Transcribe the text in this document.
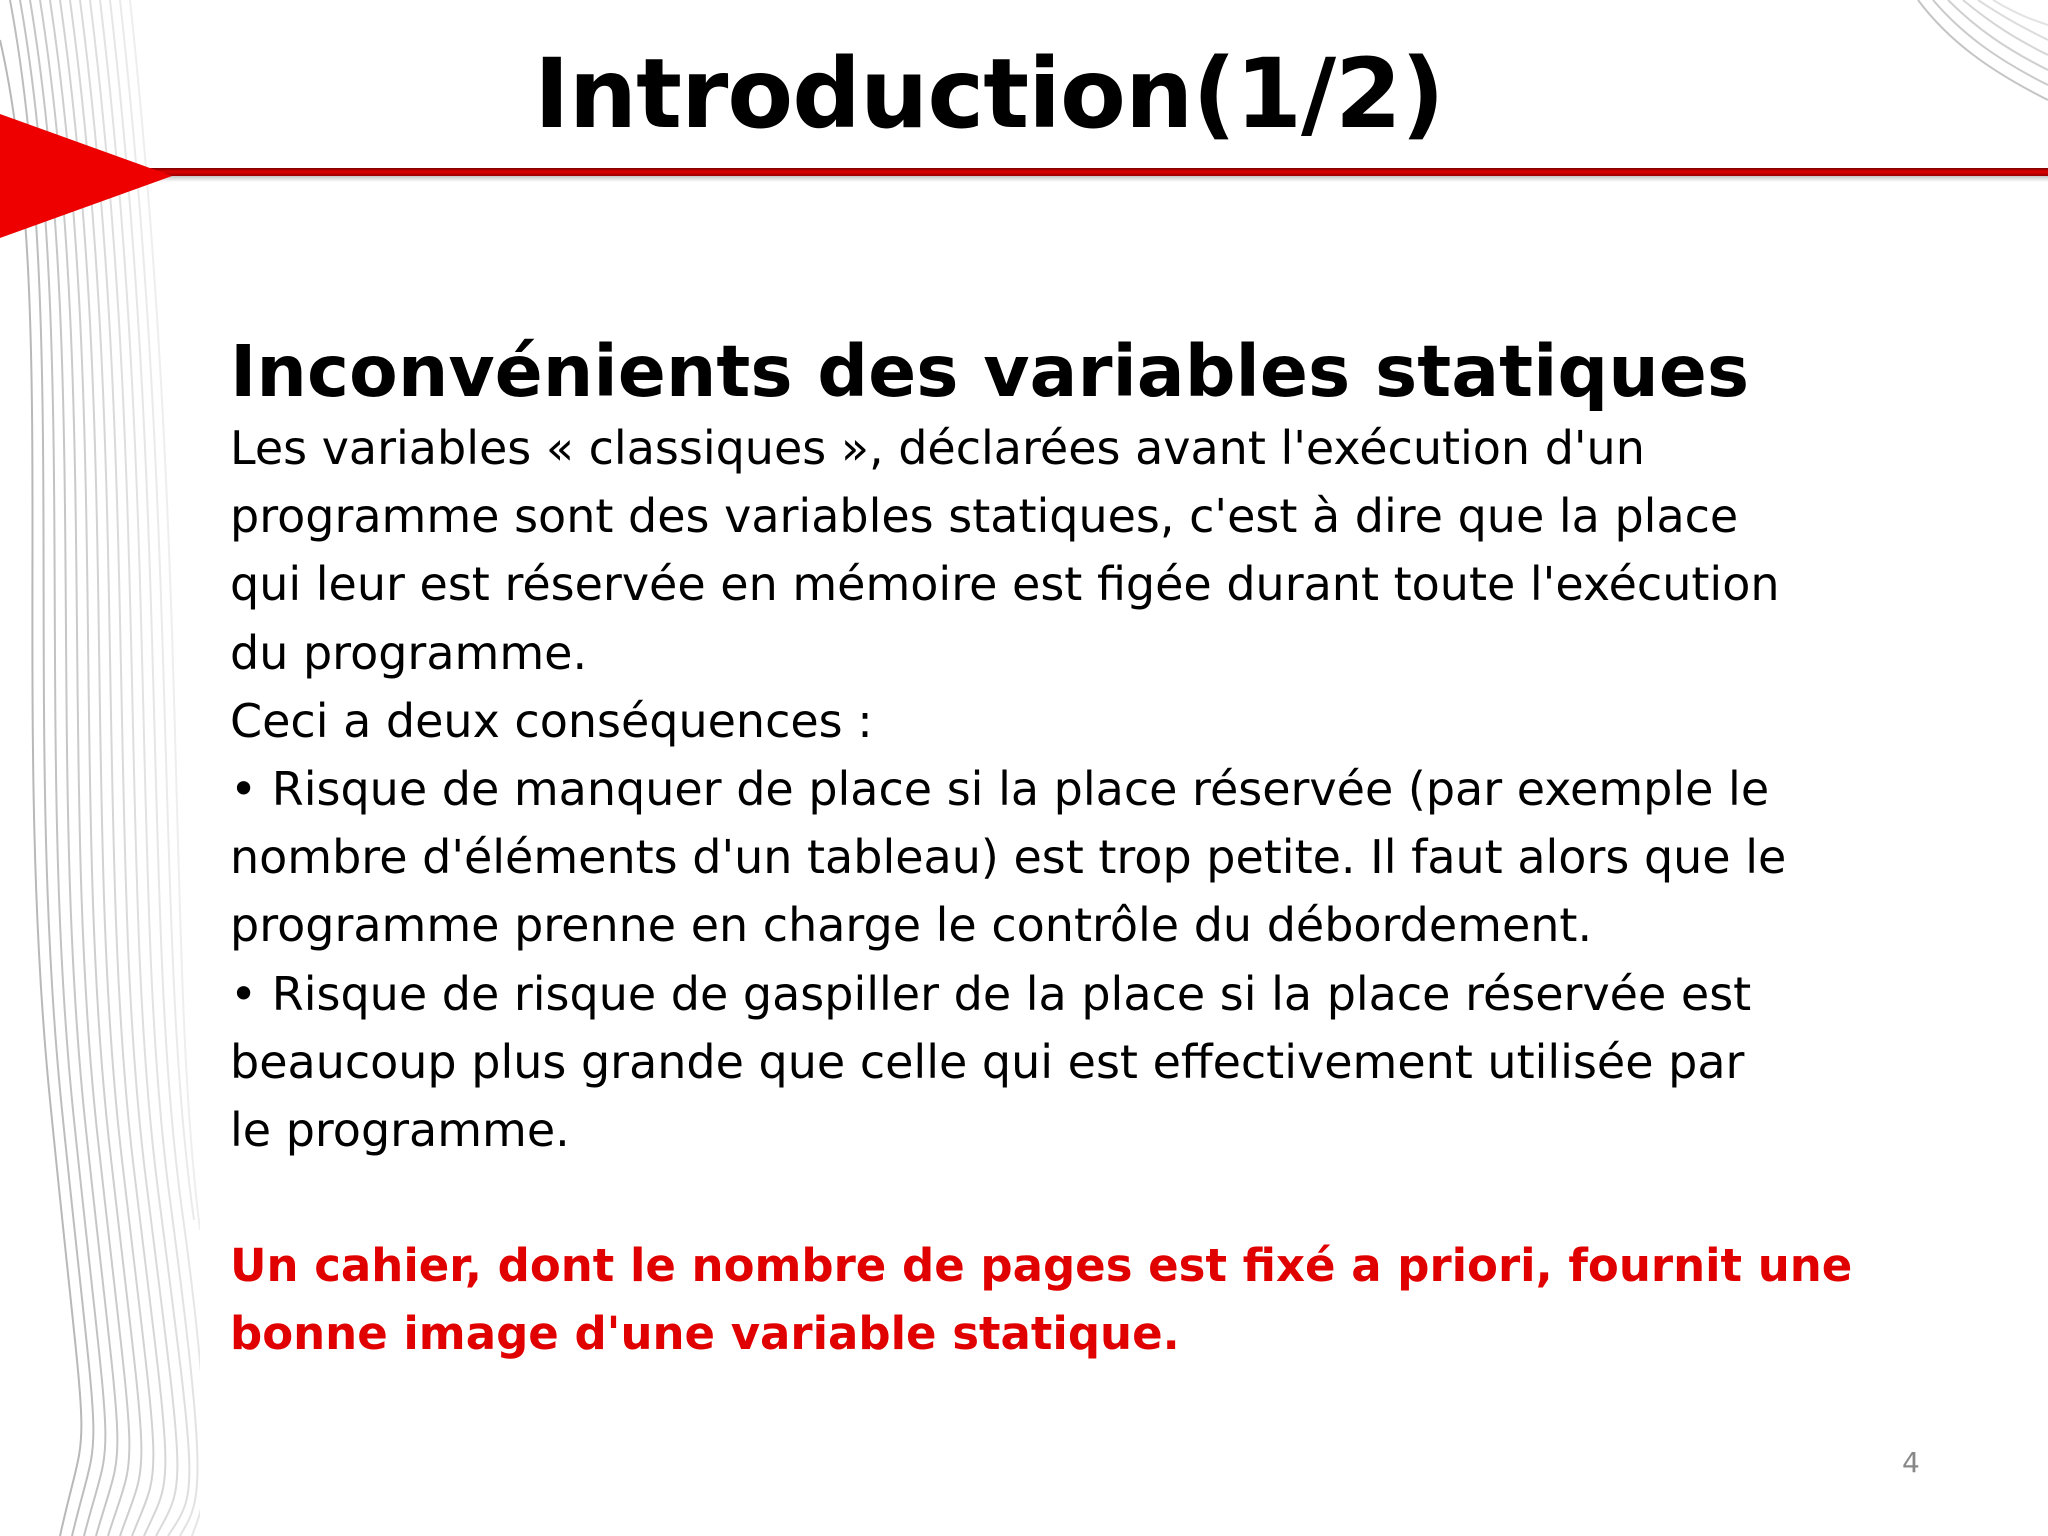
Introduction(1/2)
Inconvénients des variables statiques

Les variables « classiques », déclarées avant l'exécution d'un

programme sont des variables statiques, c'est à dire que la place

qui leur est réservée en mémoire est figée durant toute l'exécution

du programme.

Ceci a deux conséquences :

• Risque de manquer de place si la place réservée (par exemple le

nombre d'éléments d'un tableau) est trop petite. Il faut alors que le

programme prenne en charge le contrôle du débordement.

• Risque de risque de gaspiller de la place si la place réservée est

beaucoup plus grande que celle qui est effectivement utilisée par

le programme.

Un cahier, dont le nombre de pages est fixé a priori, fournit une

bonne image d'une variable statique.

4
